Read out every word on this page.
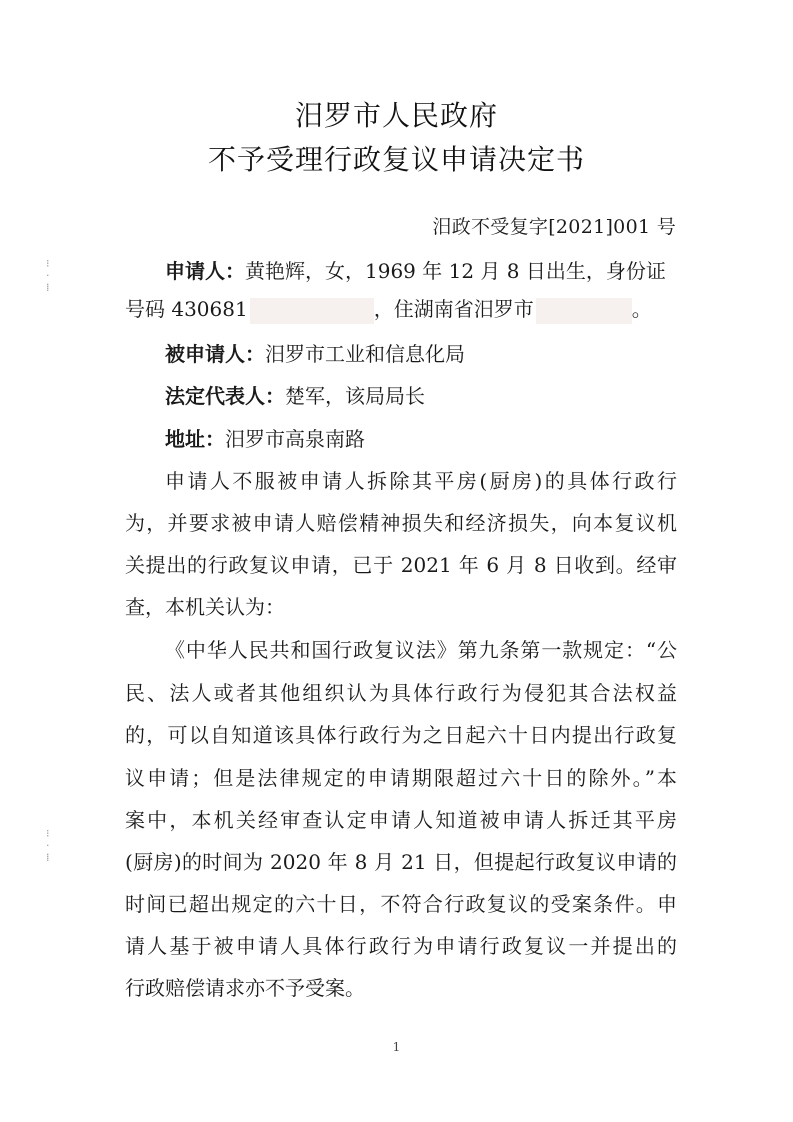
⁝
·
⁞
⁝
·
⁞
汨罗市人民政府
不予受理行政复议申请决定书
汨政不受复字[2021]001 号
申请人：黄艳辉，女，1969 年 12 月 8 日出生，身份证
号码 430681	，住湖南省汨罗市	。
被申请人：汨罗市工业和信息化局
法定代表人：楚军，该局局长
地址：汨罗市高泉南路
申请人不服被申请人拆除其平房(厨房)的具体行政行
为，并要求被申请人赔偿精神损失和经济损失，向本复议机
关提出的行政复议申请，已于 2021 年 6 月 8 日收到。经审
查，本机关认为：
《中华人民共和国行政复议法》第九条第一款规定：“公
民、法人或者其他组织认为具体行政行为侵犯其合法权益
的，可以自知道该具体行政行为之日起六十日内提出行政复
议申请；但是法律规定的申请期限超过六十日的除外。”本
案中，本机关经审查认定申请人知道被申请人拆迁其平房
(厨房)的时间为 2020 年 8 月 21 日，但提起行政复议申请的
时间已超出规定的六十日，不符合行政复议的受案条件。申
请人基于被申请人具体行政行为申请行政复议一并提出的
行政赔偿请求亦不予受案。
1
